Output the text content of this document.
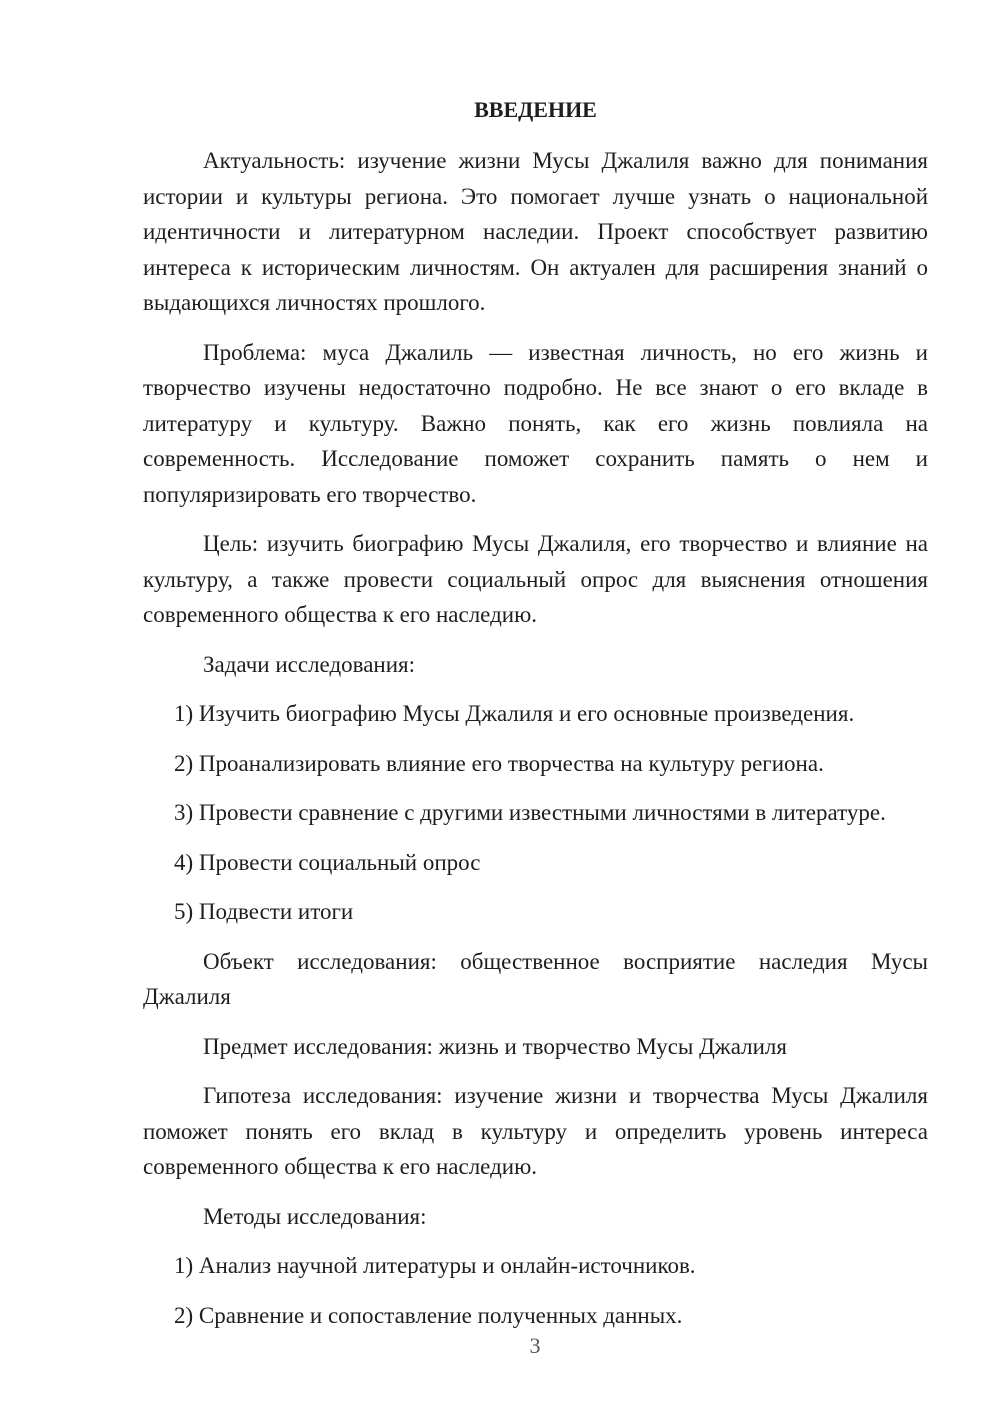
ВВЕДЕНИЕ

Актуальность: изучение жизни Мусы Джалиля важно для понимания истории и культуры региона. Это помогает лучше узнать о национальной идентичности и литературном наследии. Проект способствует развитию интереса к историческим личностям. Он актуален для расширения знаний о выдающихся личностях прошлого.

Проблема: муса Джалиль — известная личность, но его жизнь и творчество изучены недостаточно подробно. Не все знают о его вкладе в литературу и культуру. Важно понять, как его жизнь повлияла на современность. Исследование поможет сохранить память о нем и популяризировать его творчество.

Цель: изучить биографию Мусы Джалиля, его творчество и влияние на культуру, а также провести социальный опрос для выяснения отношения современного общества к его наследию.

Задачи исследования:

1) Изучить биографию Мусы Джалиля и его основные произведения.

2) Проанализировать влияние его творчества на культуру региона.

3) Провести сравнение с другими известными личностями в литературе.

4) Провести социальный опрос

5) Подвести итоги

Объект исследования: общественное восприятие наследия Мусы Джалиля

Предмет исследования: жизнь и творчество Мусы Джалиля

Гипотеза исследования: изучение жизни и творчества Мусы Джалиля поможет понять его вклад в культуру и определить уровень интереса современного общества к его наследию.

Методы исследования:

1) Анализ научной литературы и онлайн-источников.

2) Сравнение и сопоставление полученных данных.

3
